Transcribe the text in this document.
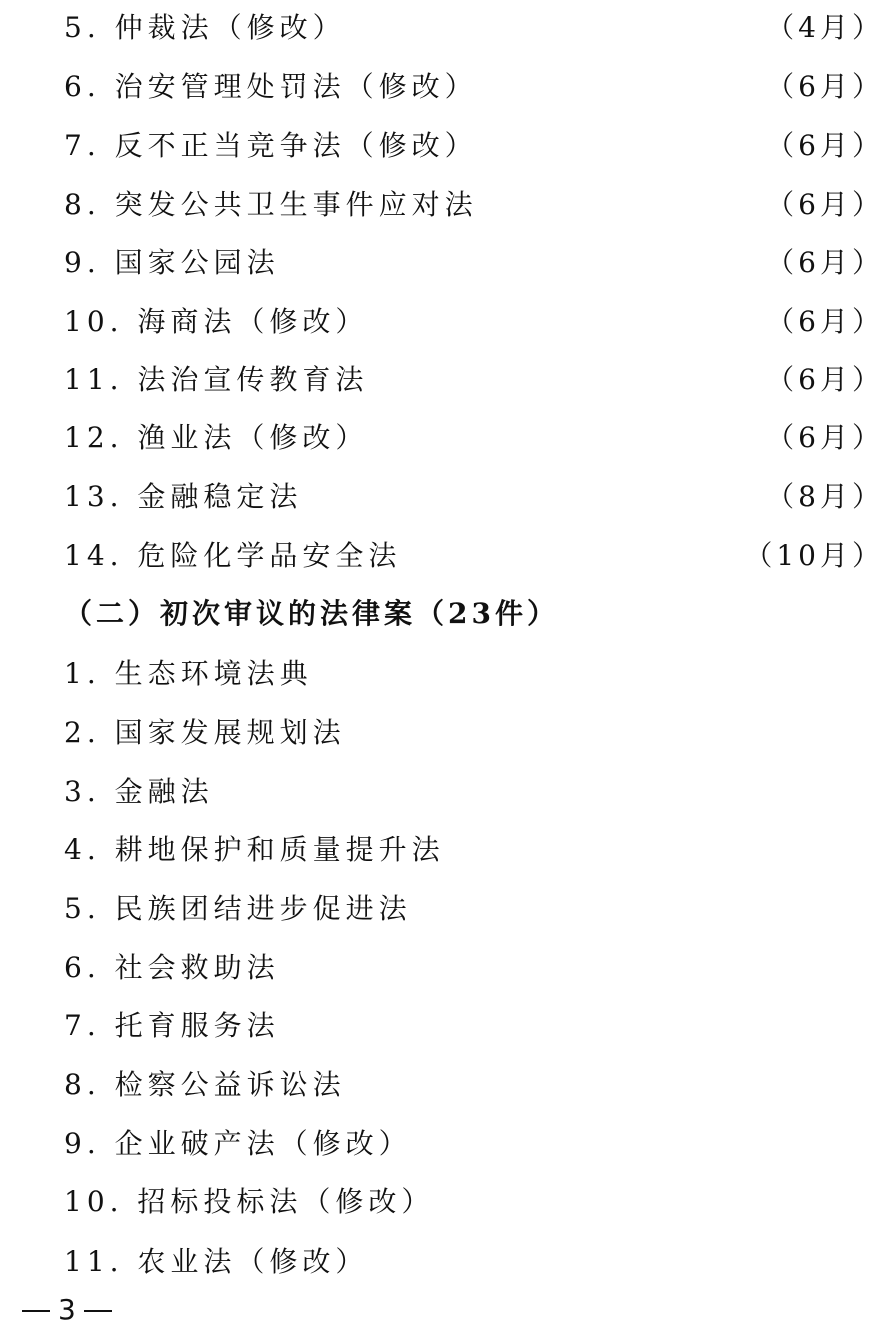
5. 仲裁法（修改）	（4月）
6. 治安管理处罚法（修改）	（6月）
7. 反不正当竞争法（修改）	（6月）
8. 突发公共卫生事件应对法	（6月）
9. 国家公园法	（6月）
10. 海商法（修改）	（6月）
11. 法治宣传教育法	（6月）
12. 渔业法（修改）	（6月）
13. 金融稳定法	（8月）
14. 危险化学品安全法	（10月）
（二）初次审议的法律案（23件）
1. 生态环境法典
2. 国家发展规划法
3. 金融法
4. 耕地保护和质量提升法
5. 民族团结进步促进法
6. 社会救助法
7. 托育服务法
8. 检察公益诉讼法
9. 企业破产法（修改）
10. 招标投标法（修改）
11. 农业法（修改）
3
